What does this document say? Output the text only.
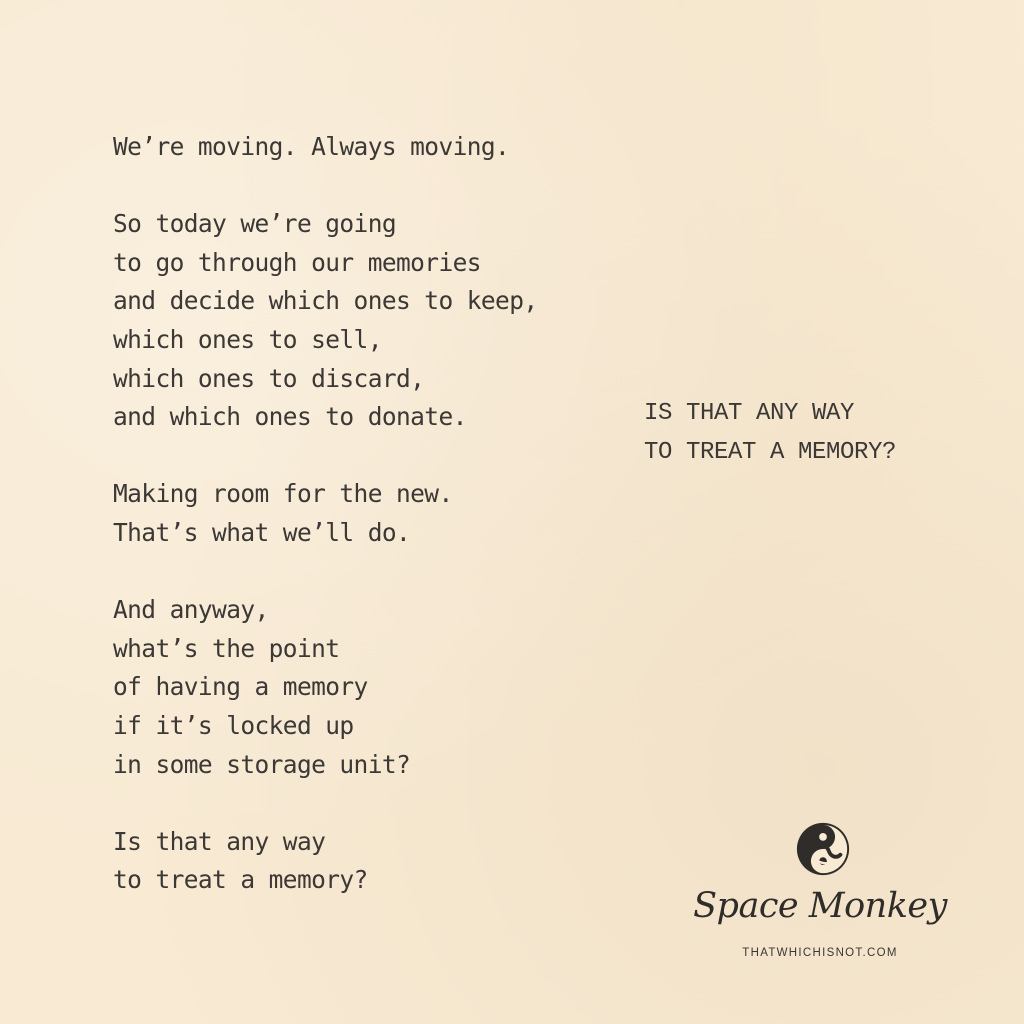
We’re moving. Always moving.
So today we’re going
to go through our memories
and decide which ones to keep,
which ones to sell,
which ones to discard,
and which ones to donate.
Making room for the new.
That’s what we’ll do.
And anyway,
what’s the point
of having a memory
if it’s locked up
in some storage unit?
Is that any way
to treat a memory?
IS THAT ANY WAY
TO TREAT A MEMORY?
Space Monkey
THATWHICHISNOT.COM
